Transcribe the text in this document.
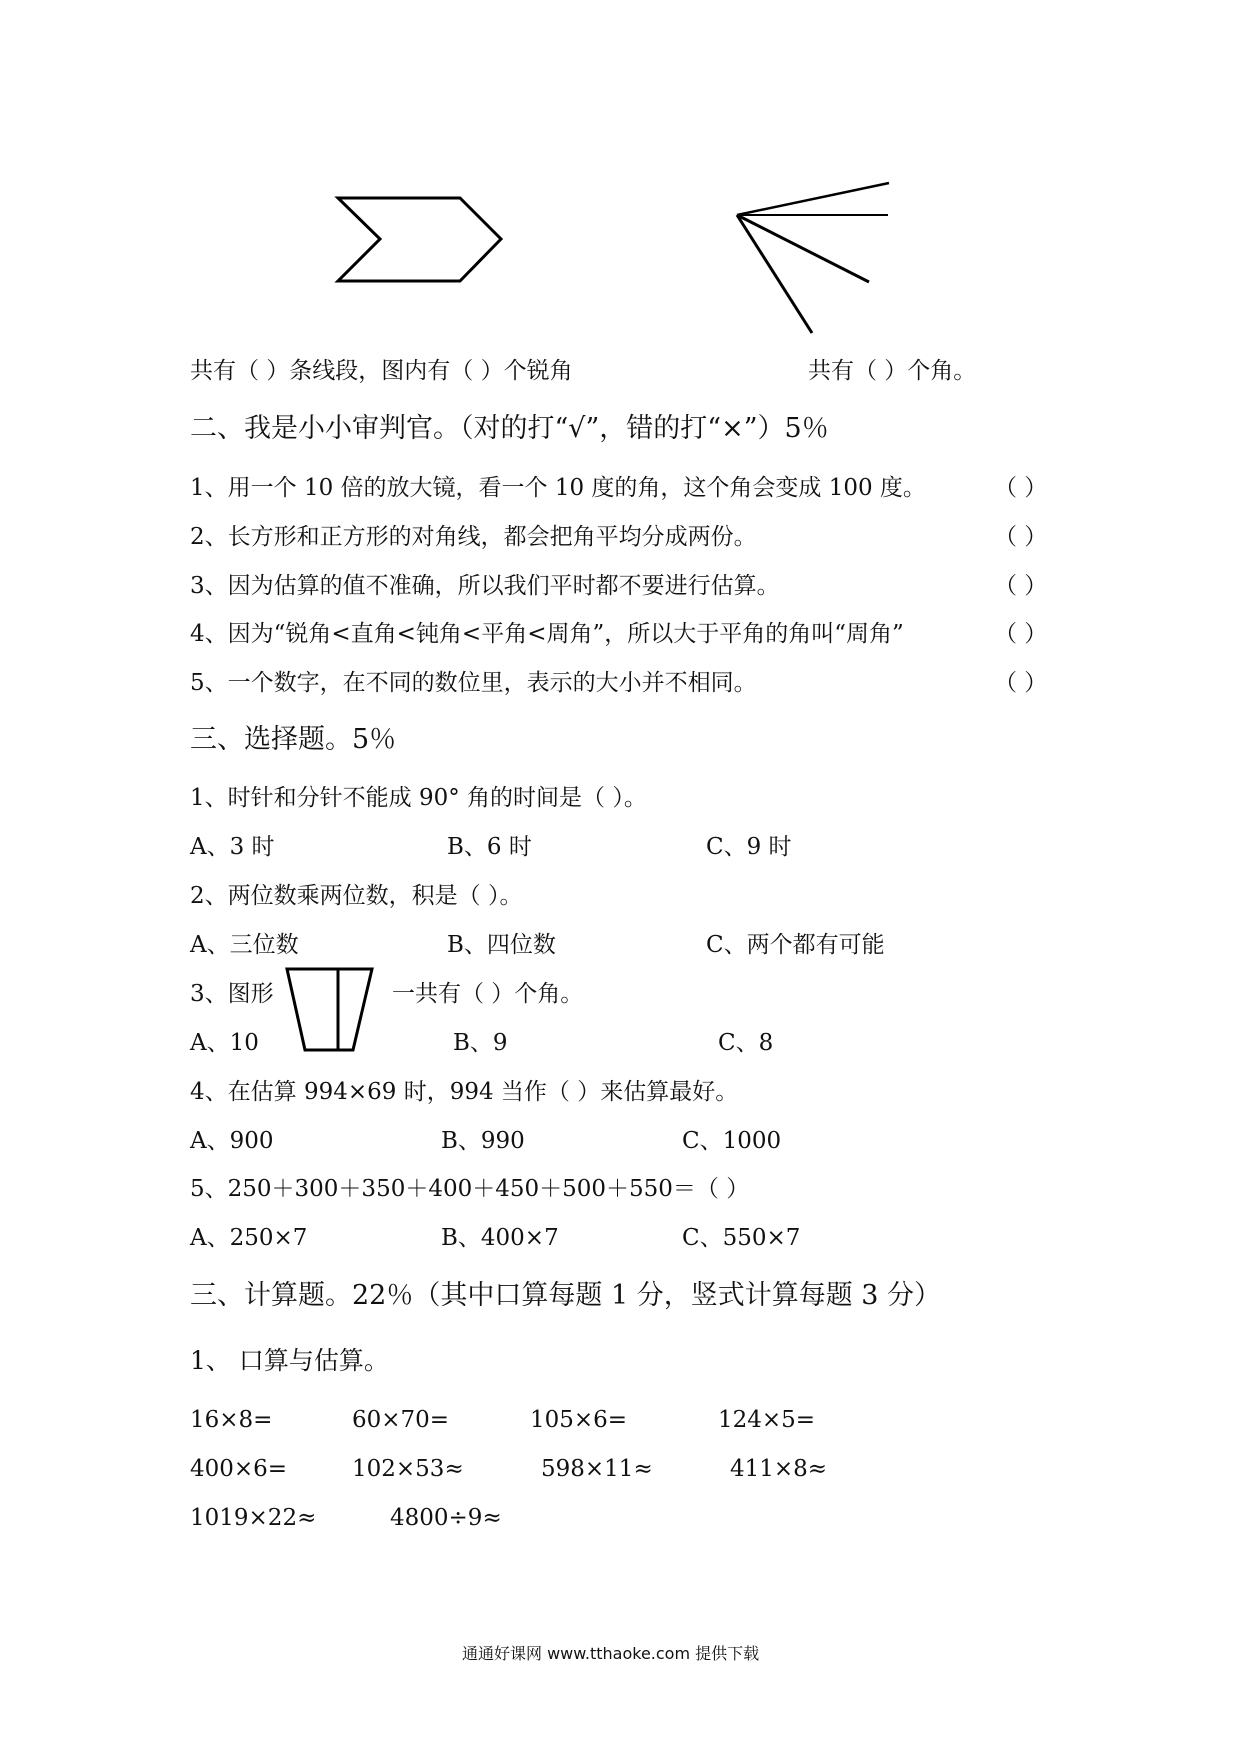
共有（ ）条线段，图内有（ ）个锐角	共有（ ）个角。
二、我是小小审判官。（对的打“√”，错的打“×”）5％
1、用一个 10 倍的放大镜，看一个 10 度的角，这个角会变成 100 度。	（ ）
2、长方形和正方形的对角线，都会把角平均分成两份。	（ ）
3、因为估算的值不准确，所以我们平时都不要进行估算。	（ ）
4、因为“锐角<直角<钝角<平角<周角”，所以大于平角的角叫“周角”	（ ）
5、一个数字，在不同的数位里，表示的大小并不相同。	（ ）
三、选择题。5％
1、时针和分针不能成 90° 角的时间是（ ）。
A、3 时	B、6 时	C、9 时
2、两位数乘两位数，积是（ ）。
A、三位数	B、四位数	C、两个都有可能
3、图形	一共有（ ）个角。
A、10	B、9	C、8
4、在估算 994×69 时，994 当作（ ）来估算最好。
A、900	B、990	C、1000
5、250＋300＋350＋400＋450＋500＋550＝（ ）
A、250×7	B、400×7	C、550×7
三、计算题。22％（其中口算每题 1 分，竖式计算每题 3 分）
1、 口算与估算。
16×8=	60×70=	105×6=	124×5=
400×6=	102×53≈	598×11≈	411×8≈
1019×22≈	4800÷9≈
通通好课网 www.tthaoke.com 提供下载
